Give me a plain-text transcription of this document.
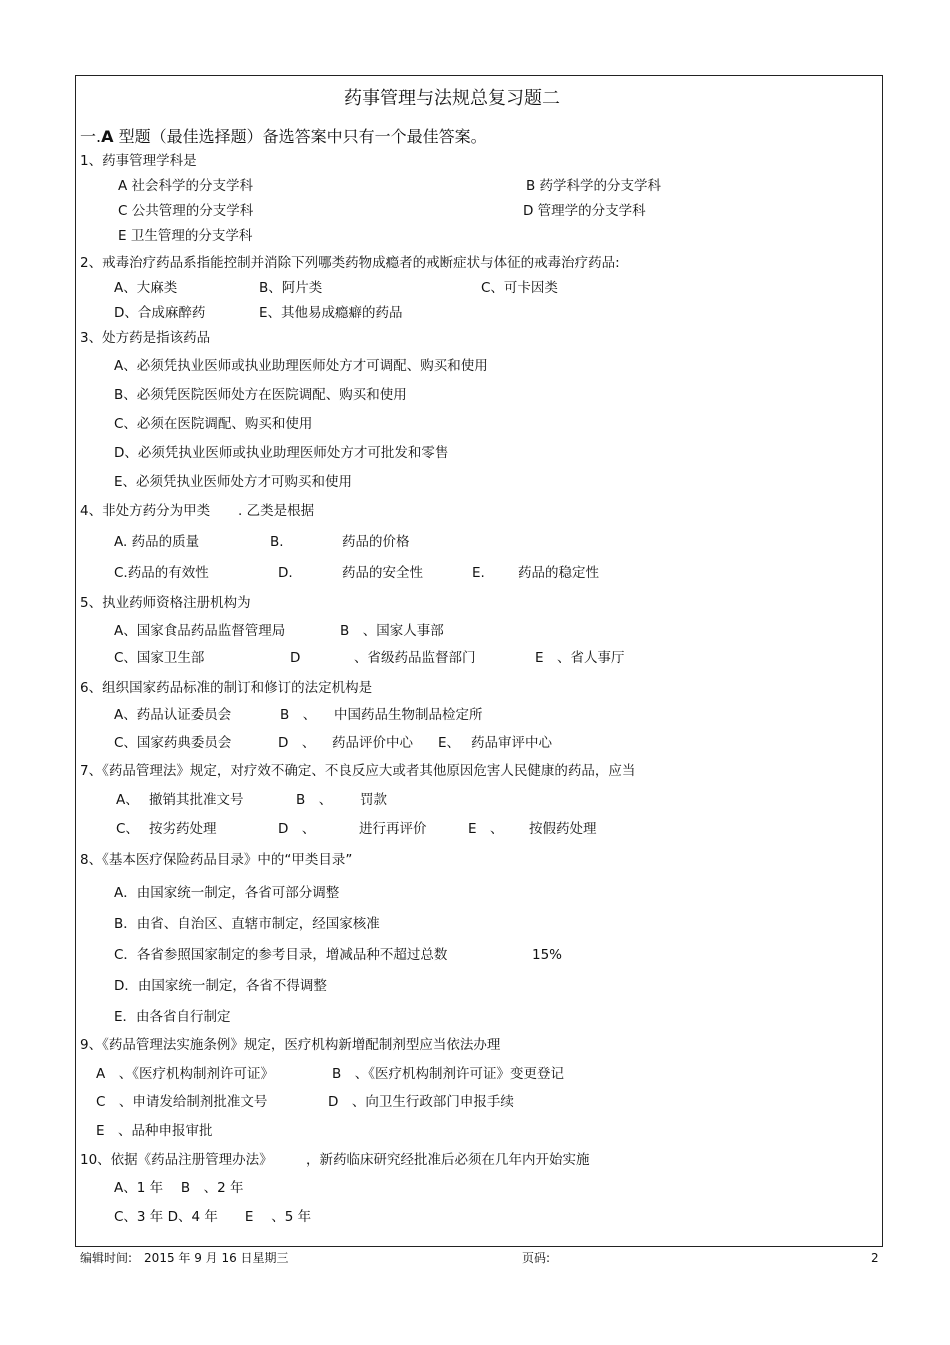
药事管理与法规总复习题二
一.A 型题（最佳选择题）备选答案中只有一个最佳答案。
1、药事管理学科是
A 社会科学的分支学科	B 药学科学的分支学科
C 公共管理的分支学科	D 管理学的分支学科
E 卫生管理的分支学科
2、戒毒治疗药品系指能控制并消除下列哪类药物成瘾者的戒断症状与体征的戒毒治疗药品:
A、大麻类	B、阿片类	C、可卡因类
D、合成麻醉药	E、其他易成瘾癖的药品
3、处方药是指该药品
A、必须凭执业医师或执业助理医师处方才可调配、购买和使用
B、必须凭医院医师处方在医院调配、购买和使用
C、必须在医院调配、购买和使用
D、必须凭执业医师或执业助理医师处方才可批发和零售
E、必须凭执业医师处方才可购买和使用
4、非处方药分为甲类 . 乙类是根据
A. 药品的质量	B.	药品的价格
C.药品的有效性	D.	药品的安全性	E. 药品的稳定性
5、执业药师资格注册机构为
A、国家食品药品监督管理局	B　、国家人事部
C、国家卫生部	D	、省级药品监督部门	E　、省人事厅
6、组织国家药品标准的制订和修订的法定机构是
A、药品认证委员会	B　、 中国药品生物制品检定所
C、国家药典委员会	D　、 药品评价中心 E、 药品审评中心
7、《药品管理法》规定，对疗效不确定、不良反应大或者其他原因危害人民健康的药品，应当
A、 撤销其批准文号	B　、 罚款
C、 按劣药处理	D　、	进行再评价	E　、 按假药处理
8、《基本医疗保险药品目录》中的“甲类目录”
A．由国家统一制定，各省可部分调整
B．由省、自治区、直辖市制定，经国家核准
C．各省参照国家制定的参考目录，增减品种不超过总数	15%
D．由国家统一制定，各省不得调整
E．由各省自行制定
9、《药品管理法实施条例》规定，医疗机构新增配制剂型应当依法办理
A　、《医疗机构制剂许可证》	B　、《医疗机构制剂许可证》变更登记
C　、申请发给制剂批准文号	D　、向卫生行政部门申报手续
E　、品种申报审批
10、依据《药品注册管理办法》 ，新药临床研究经批准后必须在几年内开始实施
A、1 年　 B　、2 年
C、3 年 D、4 年　　E　 、5 年
编辑时间:　2015 年 9 月 16 日星期三	页码:	2
